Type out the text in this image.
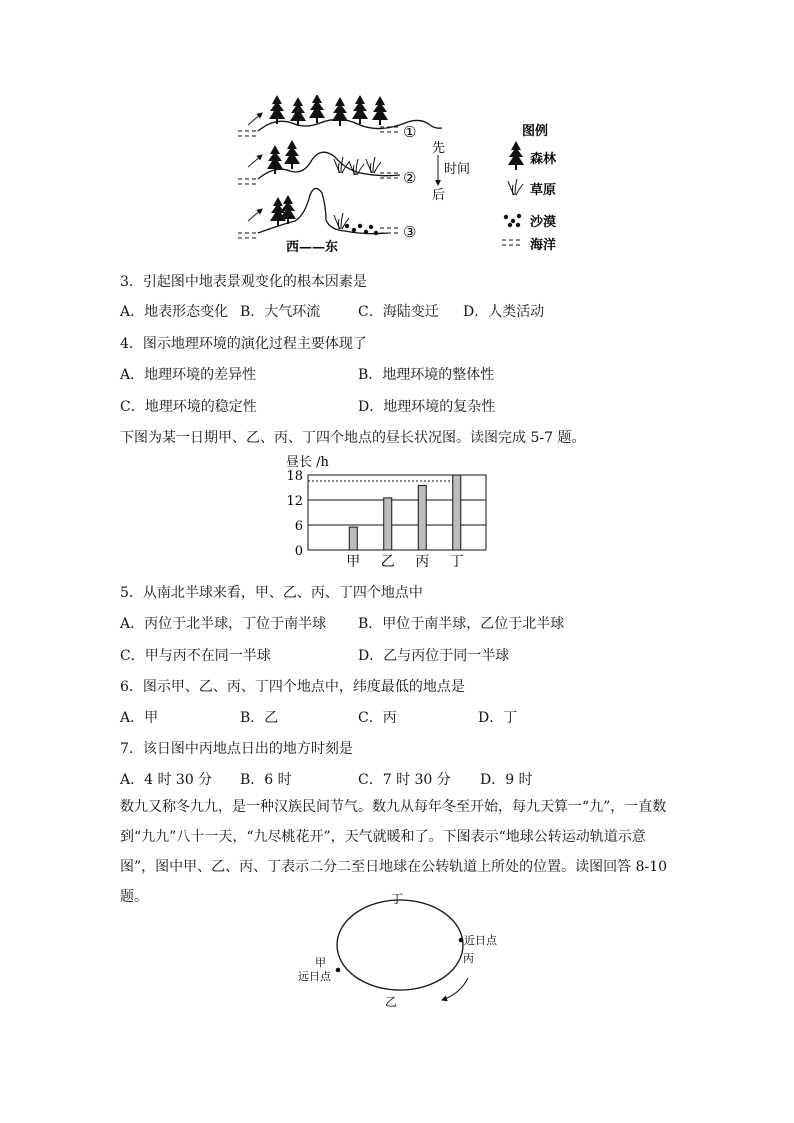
①
②
③
西——东
先
时间
后
图例
森林
草原
沙漠
海洋
3．引起图中地表景观变化的根本因素是
A．地表形态变化 B．大气环流	C．海陆变迁 D．人类活动
4．图示地理环境的演化过程主要体现了
A．地理环境的差异性	B．地理环境的整体性
C．地理环境的稳定性	D．地理环境的复杂性
下图为某一日期甲、乙、丙、丁四个地点的昼长状况图。读图完成 5-7 题。
昼长 /h
0
6
12
18
甲 乙 丙 丁
5．从南北半球来看，甲、乙、丙、丁四个地点中
A．丙位于北半球，丁位于南半球 B．甲位于南半球，乙位于北半球
C．甲与丙不在同一半球	D．乙与丙位于同一半球
6．图示甲、乙、丙、丁四个地点中，纬度最低的地点是
A．甲	B．乙	C．丙	D．丁
7．该日图中丙地点日出的地方时刻是
A．4 时 30 分 B．6 时	C．7 时 30 分 D．9 时
数九又称冬九九，是一种汉族民间节气。数九从每年冬至开始，每九天算一“九”，一直数到“九九”八十一天，“九尽桃花开”，天气就暖和了。下图表示“地球公转运动轨道示意图”，图中甲、乙、丙、丁表示二分二至日地球在公转轨道上所处的位置。读图回答 8-10 题。	丁
乙
甲
远日点
近日点
丙
